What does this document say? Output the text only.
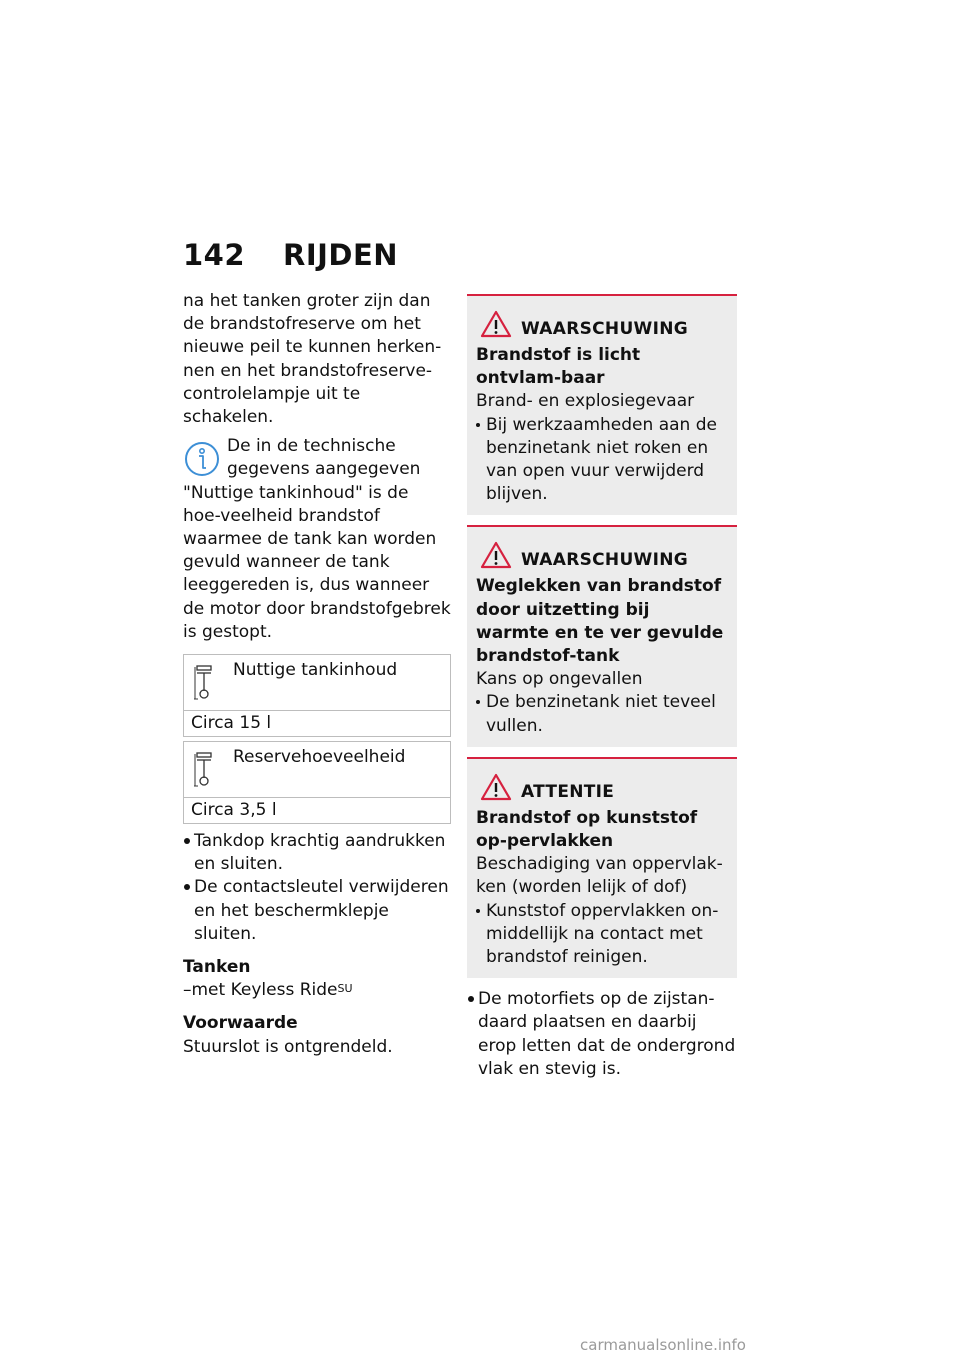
142 RIJDEN

na het tanken groter zijn dan de brandstofreserve om het nieuwe peil te kunnen herken-nen en het brandstofreserve-controlelampje uit te schakelen.

De in de technische
gegevens aangegeven
"Nuttige tankinhoud" is de hoe-veelheid brandstof waarmee de tank kan worden gevuld wanneer de tank leeggereden is, dus wanneer de motor door brandstofgebrek is gestopt.

Nuttige tankinhoud
Circa 15 l
Reservehoeveelheid
Circa 3,5 l
Tankdop krachtig aandrukken en sluiten.
De contactsleutel verwijderen en het beschermklepje sluiten.
Tanken

–met Keyless Ride$^{SU}$

Voorwaarde

Stuurslot is ontgrendeld.

WAARSCHUWING

Brandstof is licht ontvlam-baar

Brand- en explosiegevaar

Bij werkzaamheden aan de benzinetank niet roken en van open vuur verwijderd blijven.
WAARSCHUWING

Weglekken van brandstof door uitzetting bij warmte en te ver gevulde brandstof-tank

Kans op ongevallen

De benzinetank niet teveel vullen.
ATTENTIE

Brandstof op kunststof op-pervlakken

Beschadiging van oppervlak-ken (worden lelijk of dof)

Kunststof oppervlakken on-middellijk na contact met brandstof reinigen.
De motorfiets op de zijstan-daard plaatsen en daarbij erop letten dat de ondergrond vlak en stevig is.
carmanualsonline.info
